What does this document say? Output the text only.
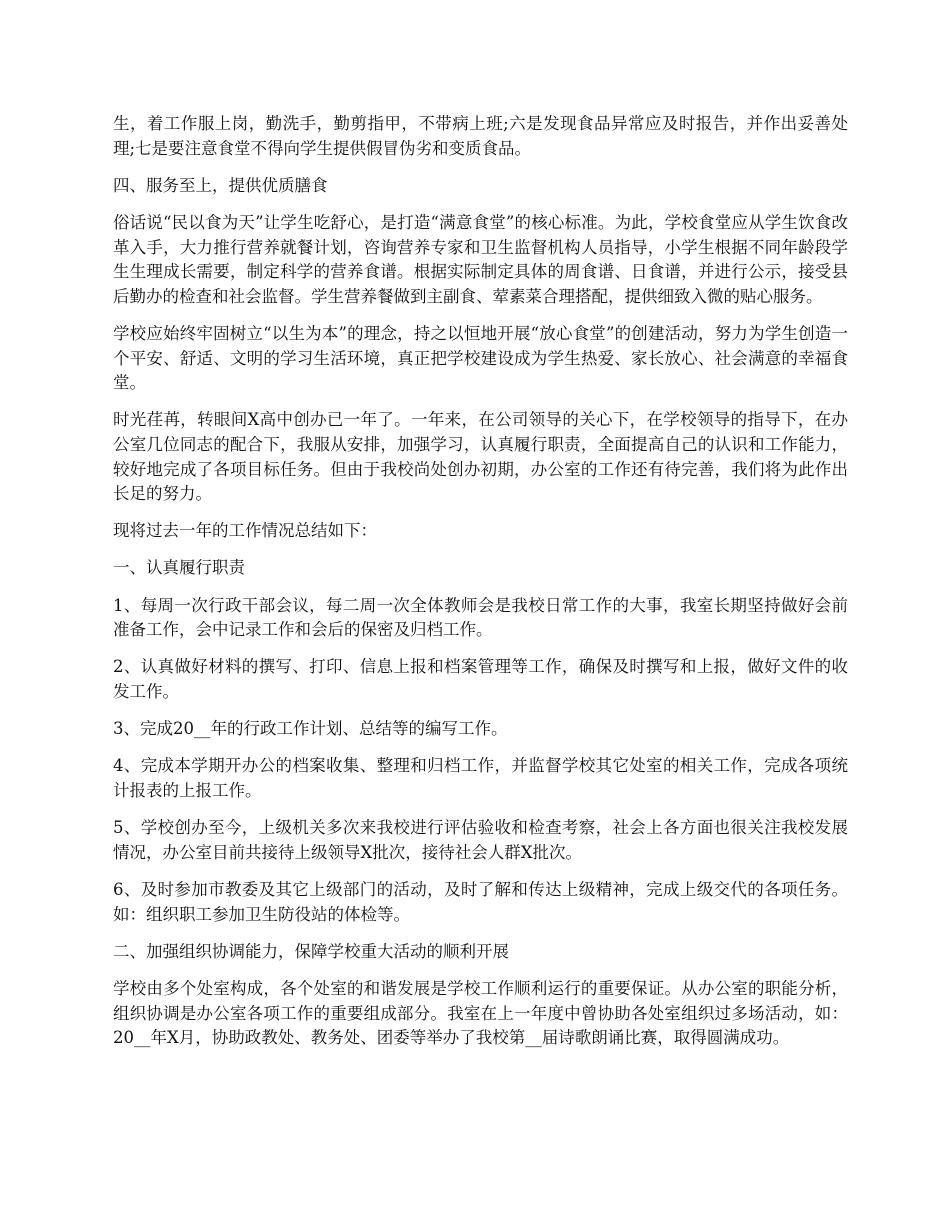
生，着工作服上岗，勤洗手，勤剪指甲，不带病上班;六是发现食品异常应及时报告，并作出妥善处理;七是要注意食堂不得向学生提供假冒伪劣和变质食品。

四、服务至上，提供优质膳食

俗话说“民以食为天”让学生吃舒心，是打造“满意食堂”的核心标准。为此，学校食堂应从学生饮食改革入手，大力推行营养就餐计划，咨询营养专家和卫生监督机构人员指导，小学生根据不同年龄段学生生理成长需要，制定科学的营养食谱。根据实际制定具体的周食谱、日食谱，并进行公示，接受县后勤办的检查和社会监督。学生营养餐做到主副食、荤素菜合理搭配，提供细致入微的贴心服务。

学校应始终牢固树立“以生为本”的理念，持之以恒地开展“放心食堂”的创建活动，努力为学生创造一个平安、舒适、文明的学习生活环境，真正把学校建设成为学生热爱、家长放心、社会满意的幸福食堂。

时光荏苒，转眼间X高中创办已一年了。一年来，在公司领导的关心下，在学校领导的指导下，在办公室几位同志的配合下，我服从安排，加强学习，认真履行职责，全面提高自己的认识和工作能力，较好地完成了各项目标任务。但由于我校尚处创办初期，办公室的工作还有待完善，我们将为此作出长足的努力。

现将过去一年的工作情况总结如下：

一、认真履行职责

1、每周一次行政干部会议，每二周一次全体教师会是我校日常工作的大事，我室长期坚持做好会前准备工作，会中记录工作和会后的保密及归档工作。

2、认真做好材料的撰写、打印、信息上报和档案管理等工作，确保及时撰写和上报，做好文件的收发工作。

3、完成20__年的行政工作计划、总结等的编写工作。

4、完成本学期开办公的档案收集、整理和归档工作，并监督学校其它处室的相关工作，完成各项统计报表的上报工作。

5、学校创办至今，上级机关多次来我校进行评估验收和检查考察，社会上各方面也很关注我校发展情况，办公室目前共接待上级领导X批次，接待社会人群X批次。

6、及时参加市教委及其它上级部门的活动，及时了解和传达上级精神，完成上级交代的各项任务。如：组织职工参加卫生防役站的体检等。

二、加强组织协调能力，保障学校重大活动的顺利开展

学校由多个处室构成，各个处室的和谐发展是学校工作顺利运行的重要保证。从办公室的职能分析，组织协调是办公室各项工作的重要组成部分。我室在上一年度中曾协助各处室组织过多场活动，如：20__年X月，协助政教处、教务处、团委等举办了我校第__届诗歌朗诵比赛，取得圆满成功。
